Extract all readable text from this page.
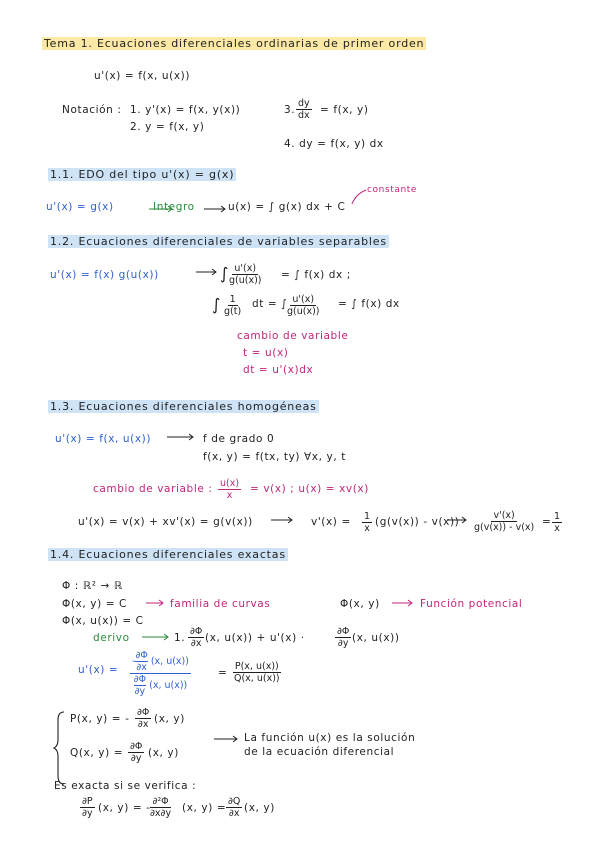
Tema 1. Ecuaciones diferenciales ordinarias de primer orden
u'(x) = f(x, u(x))
Notación : 1. y'(x) = f(x, y(x))
2. y = f(x, y)
3. $\frac{dy}{dx} = f(x$, y)
4. dy = f(x, y) dx
1.1. EDO del tipo u'(x) = g(x)
u'(x) = g(x)	Integro	u(x) = ∫ g(x) dx + C
constante
1.2. Ecuaciones diferenciales de variables separables
u'(x) = f(x) g(u(x))	∫
$\frac{u'(x)}{g(u(x))}$ = ∫ f(x) dx ;
∫ $\frac{1}{g(t)}$ dt = ∫
$\frac{u'(x)}{g(u(x))}$ = ∫ f(x) dx
cambio de variable
t = u(x)
dt = u'(x)dx
1.3. Ecuaciones diferenciales homogéneas
u'(x) = f(x, u(x))	f de grado 0
f(x, y) = f(tx, ty) ∀x, y, t
cambio de variable : $\frac{u(x)}{x} = v(x)$ ; u(x) = xv(x)
u'(x) = v(x) + xv'(x) = g(v(x))	$v'(x) = \frac{1}{x} (g(v(x)) - v(x)) \frac{v'(x)}{g(v(x)) - v(x)} = \frac{1}{x}$
1.4. Ecuaciones diferenciales exactas
Φ : ℝ² → ℝ
Φ(x, y) = C	familia de curvas	Φ(x, y)	Función potencial
Φ(x, u(x)) = C
derivo	1. $\frac{\partial\Phi}{\partial x} (x$, u(x)) + u'(x) ·	$\frac{\partial\Phi}{\partial y} (x$, u(x))
u'(x) =
-
∂Φ
∂x
(x, u(x))
∂Φ
∂y
(x, u(x))
= $\frac{P(x, u(x))}{Q(x, u(x))}$
P(x, y) = - $\frac{\partial\Phi}{\partial x} (x$, y)
Q(x, $y) = \frac{\partial\Phi}{\partial y} (x$, y)
La función u(x) es la solución
de la ecuación diferencial
Es exacta si se verifica :
$\frac{\partial P}{\partial y} (x$, y) = -
$\frac{\text{∂²Φ}}{\partial x\partial y} (x$, $y) = \frac{\partial Q}{\partial x} (x$, y)
